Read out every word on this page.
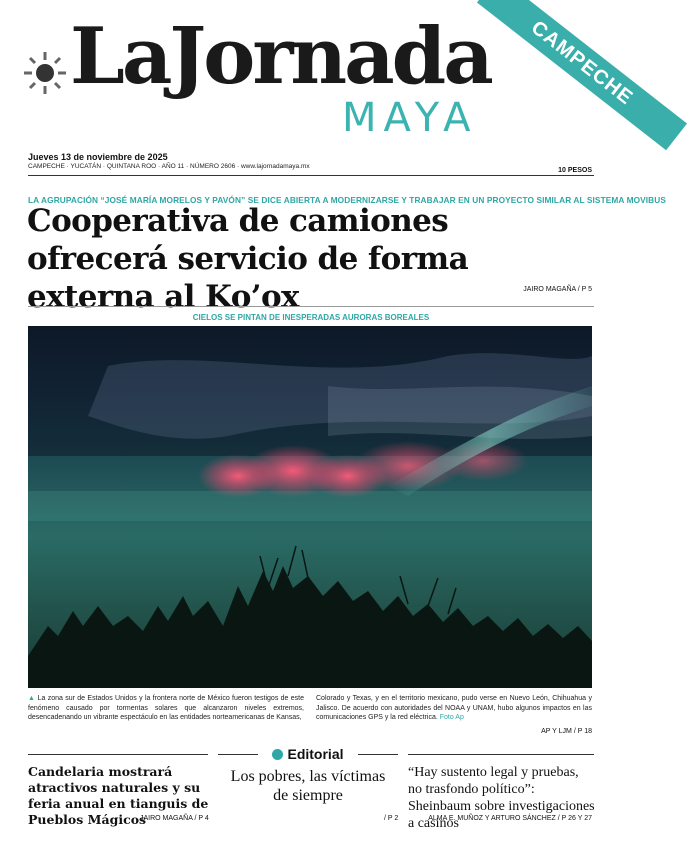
LaJornada
MAYA
CAMPECHE
Jueves 13 de noviembre de 2025
CAMPECHE · YUCATÁN · QUINTANA ROO · AÑO 11 · NÚMERO 2606 · www.lajornadamaya.mx
10 PESOS
LA AGRUPACIÓN “JOSÉ MARÍA MORELOS Y PAVÓN” SE DICE ABIERTA A MODERNIZARSE Y TRABAJAR EN UN PROYECTO SIMILAR AL SISTEMA MOVIBUS
Cooperativa de camiones ofrecerá servicio de forma externa al Ko’ox	JAIRO MAGAÑA / P 5
CIELOS SE PINTAN DE INESPERADAS AURORAS BOREALES
▲ La zona sur de Estados Unidos y la frontera norte de México fueron testigos de este fenómeno causado por tormentas solares que alcanzaron niveles extremos, desencadenando un vibrante espectáculo en las entidades norteamericanas de Kansas,
Colorado y Texas, y en el territorio mexicano, pudo verse en Nuevo León, Chihuahua y Jalisco. De acuerdo con autoridades del NOAA y UNAM, hubo algunos impactos en las comunicaciones GPS y la red eléctrica. Foto Ap
AP Y LJM / P 18
Editorial
Candelaria mostrará atractivos naturales y su feria anual en tianguis de Pueblos Mágicos
Los pobres, las víctimas de siempre
“Hay sustento legal y pruebas, no trasfondo político”: Sheinbaum sobre investigaciones a casinos
JAIRO MAGAÑA / P 4	/ P 2	ALMA E. MUÑOZ Y ARTURO SÁNCHEZ / P 26 Y 27
